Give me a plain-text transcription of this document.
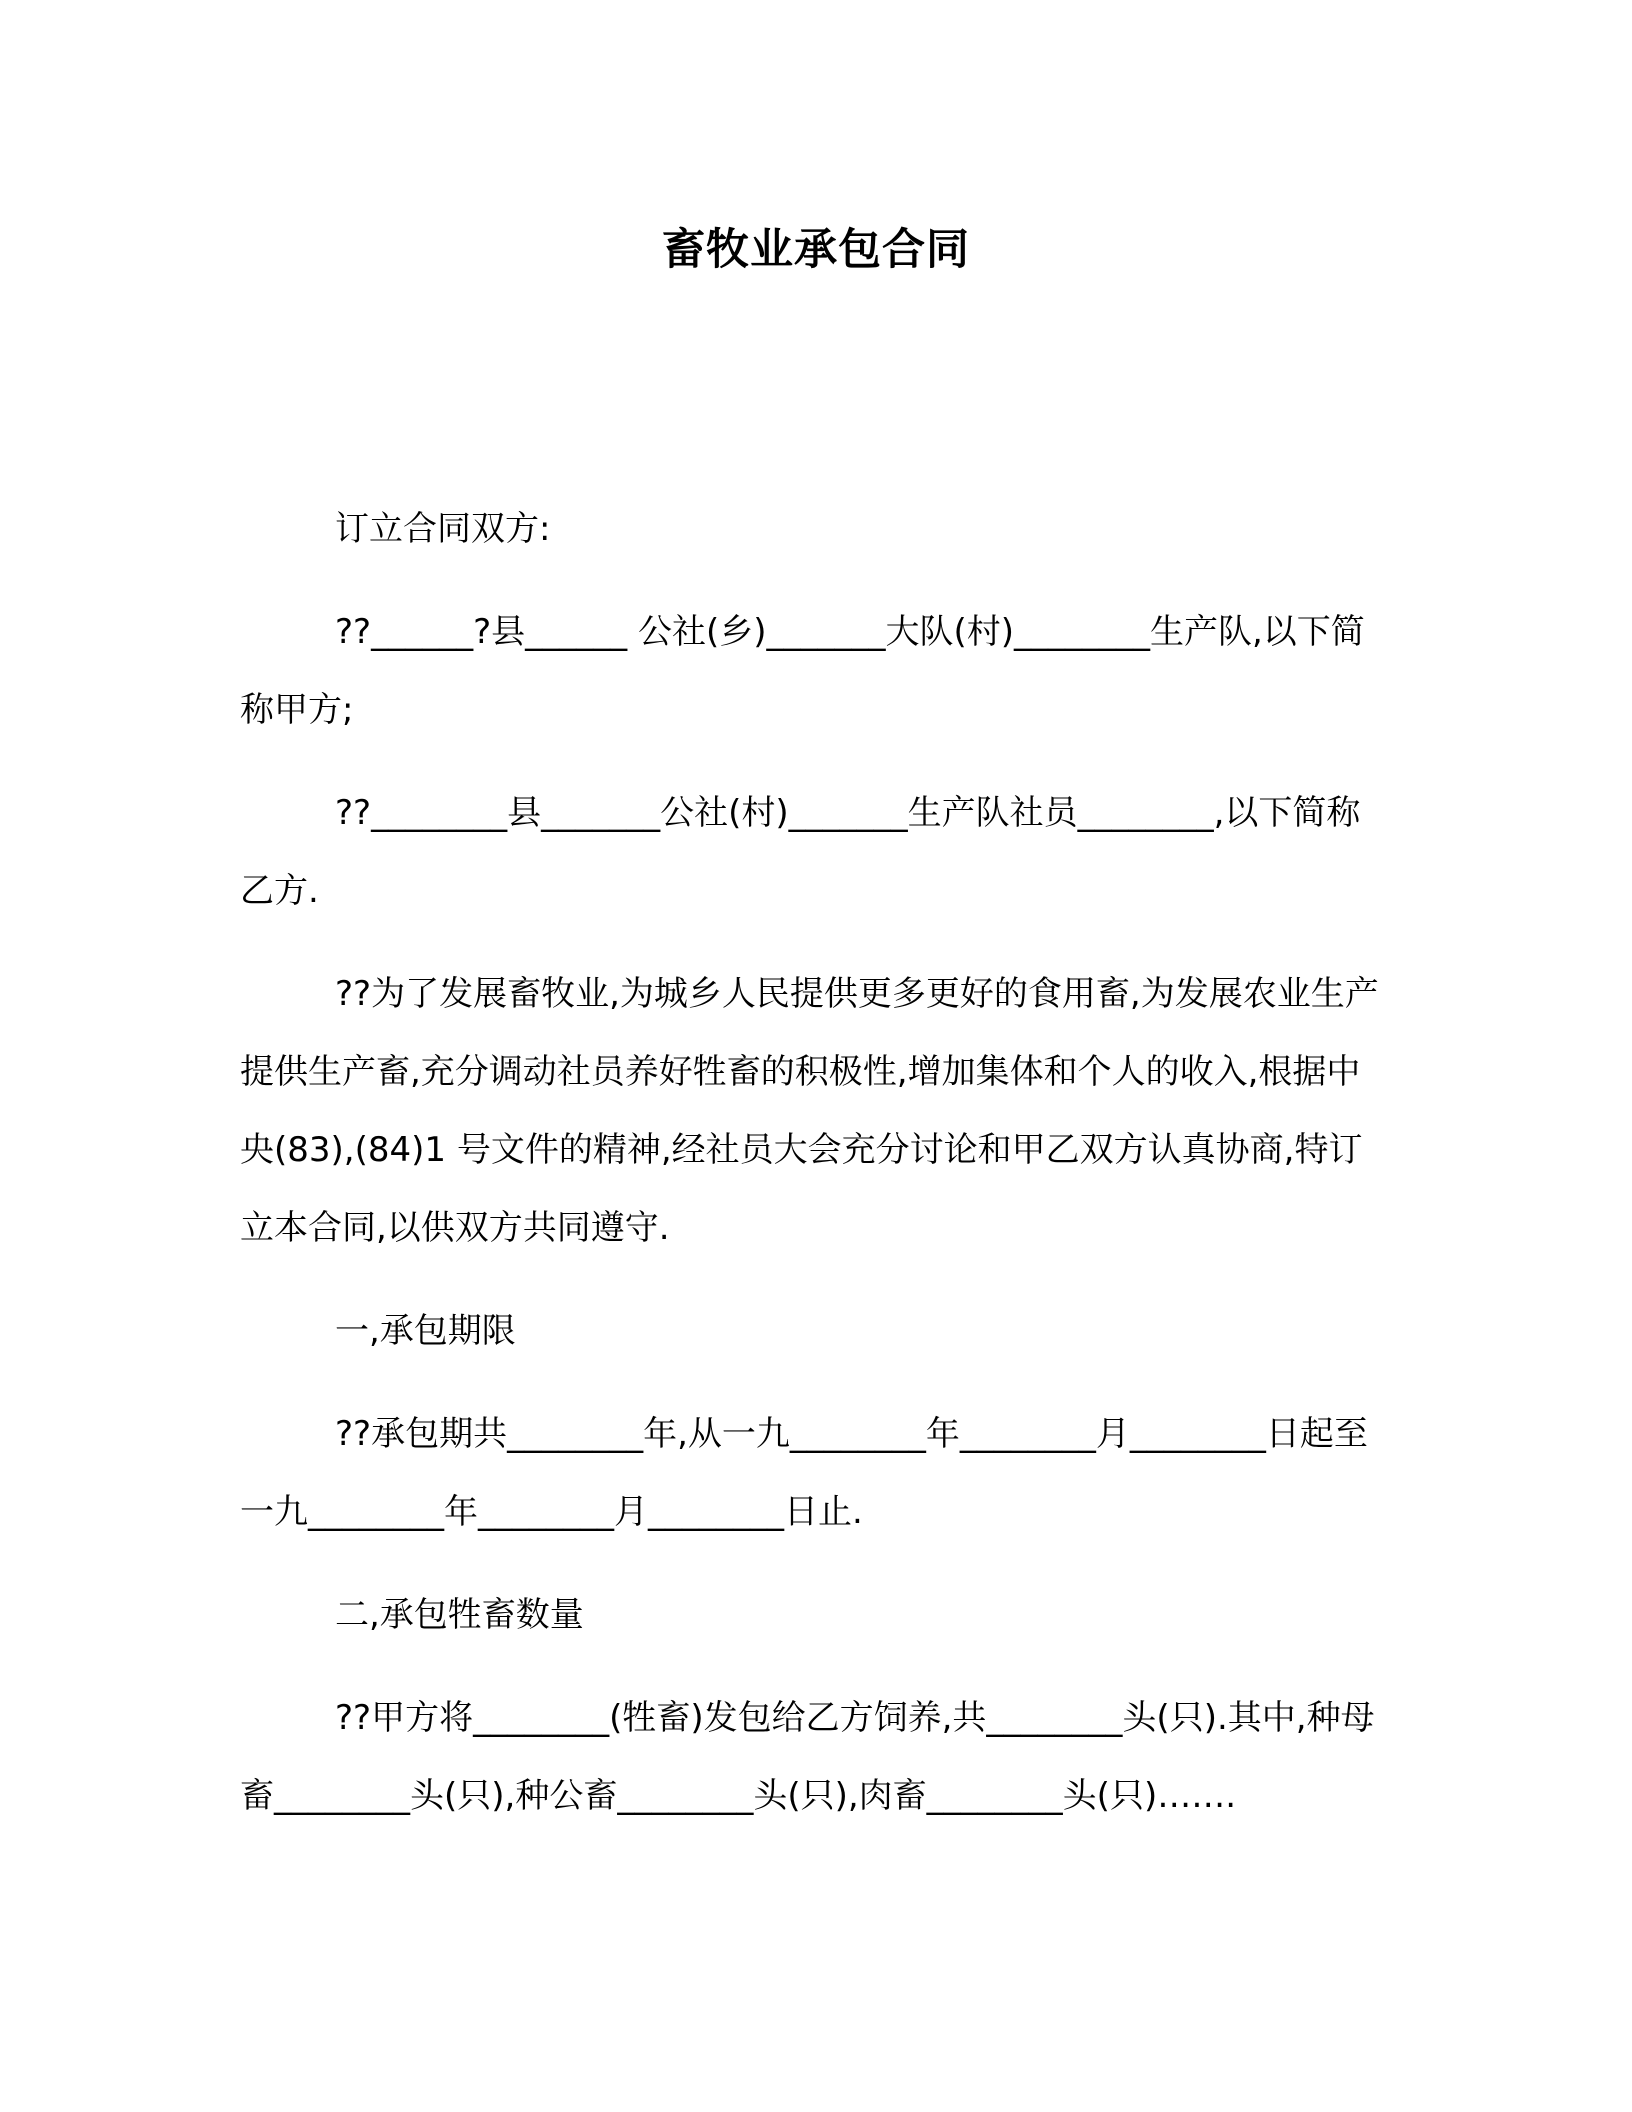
畜牧业承包合同

订立合同双方:

??______?县______ 公社(乡)_______大队(村)________生产队,以下简称甲方;

??________县_______公社(村)_______生产队社员________,以下简称乙方.

??为了发展畜牧业,为城乡人民提供更多更好的食用畜,为发展农业生产提供生产畜,充分调动社员养好牲畜的积极性,增加集体和个人的收入,根据中央(83),(84)1 号文件的精神,经社员大会充分讨论和甲乙双方认真协商,特订立本合同,以供双方共同遵守.

一,承包期限

??承包期共________年,从一九________年________月________日起至一九________年________月________日止.

二,承包牲畜数量

??甲方将________(牲畜)发包给乙方饲养,共________头(只).其中,种母畜________头(只),种公畜________头(只),肉畜________头(只)…….
